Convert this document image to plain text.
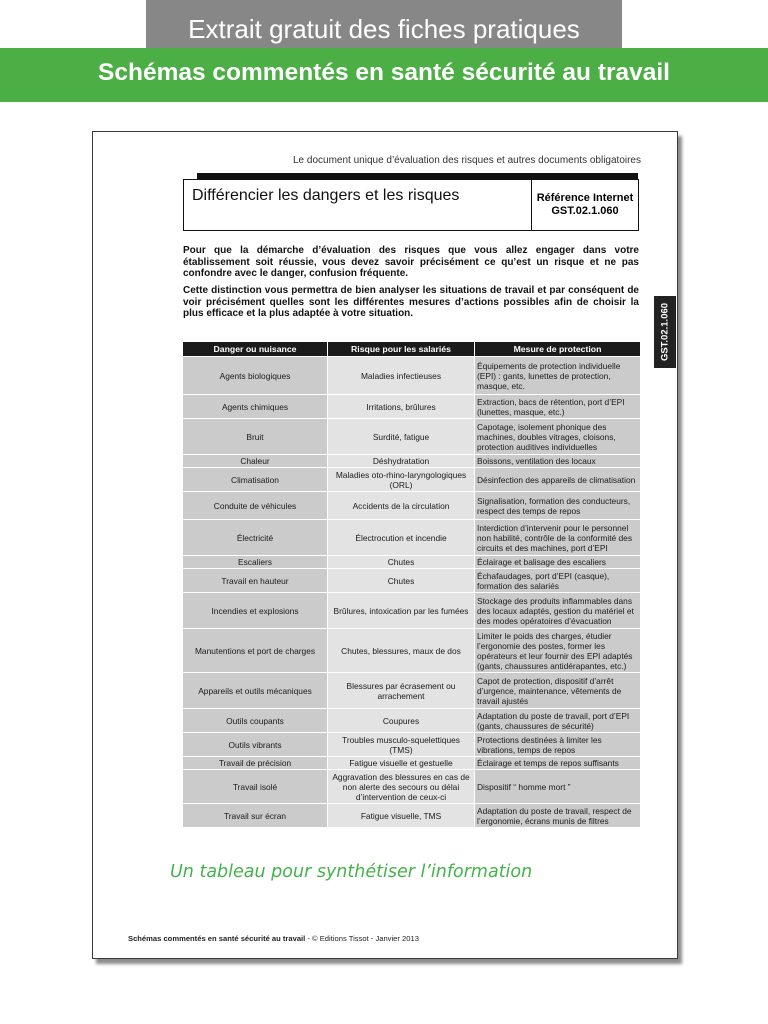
Extrait gratuit des fiches pratiques
Schémas commentés en santé sécurité au travail
Le document unique d’évaluation des risques et autres documents obligatoires
Différencier les dangers et les risques	Référence Internet
GST.02.1.060
Pour que la démarche d’évaluation des risques que vous allez engager dans votre établissement soit réussie, vous devez savoir précisément ce qu’est un risque et ne pas confondre avec le danger, confusion fréquente.
Cette distinction vous permettra de bien analyser les situations de travail et par conséquent de voir précisément quelles sont les différentes mesures d’actions possibles afin de choisir la plus efficace et la plus adaptée à votre situation.	GST.02.1.060
Danger ou nuisance	Risque pour les salariés	Mesure de protection
Agents biologiques	Maladies infectieuses	Équipements de protection individuelle (EPI) : gants, lunettes de protection, masque, etc.
Agents chimiques	Irritations, brûlures	Extraction, bacs de rétention, port d’EPI (lunettes, masque, etc.)
Bruit	Surdité, fatigue	Capotage, isolement phonique des machines, doubles vitrages, cloisons, protection auditives individuelles
Chaleur	Déshydratation	Boissons, ventilation des locaux
Climatisation	Maladies oto-rhino-laryngologiques (ORL)	Désinfection des appareils de climatisation
Conduite de véhicules	Accidents de la circulation	Signalisation, formation des conducteurs, respect des temps de repos
Électricité	Électrocution et incendie	Interdiction d’intervenir pour le personnel non habilité, contrôle de la conformité des circuits et des machines, port d’EPI
Escaliers	Chutes	Éclairage et balisage des escaliers
Travail en hauteur	Chutes	Échafaudages, port d’EPI (casque), formation des salariés
Incendies et explosions	Brûlures, intoxication par les fumées	Stockage des produits inflammables dans des locaux adaptés, gestion du matériel et des modes opératoires d’évacuation
Manutentions et port de charges	Chutes, blessures, maux de dos	Limiter le poids des charges, étudier l’ergonomie des postes, former les opérateurs et leur fournir des EPI adaptés (gants, chaussures antidérapantes, etc.)
Appareils et outils mécaniques	Blessures par écrasement ou arrachement	Capot de protection, dispositif d’arrêt d’urgence, maintenance, vêtements de travail ajustés
Outils coupants	Coupures	Adaptation du poste de travail, port d’EPI (gants, chaussures de sécurité)
Outils vibrants	Troubles musculo-squelettiques (TMS)	Protections destinées à limiter les vibrations, temps de repos
Travail de précision	Fatigue visuelle et gestuelle	Éclairage et temps de repos suffisants
Travail isolé	Aggravation des blessures en cas de non alerte des secours ou délai d’intervention de ceux-ci	Dispositif “ homme mort ”
Travail sur écran	Fatigue visuelle, TMS	Adaptation du poste de travail, respect de l’ergonomie, écrans munis de filtres
Un tableau pour synthétiser l’information
Schémas commentés en santé sécurité au travail - © Editions Tissot - Janvier 2013
